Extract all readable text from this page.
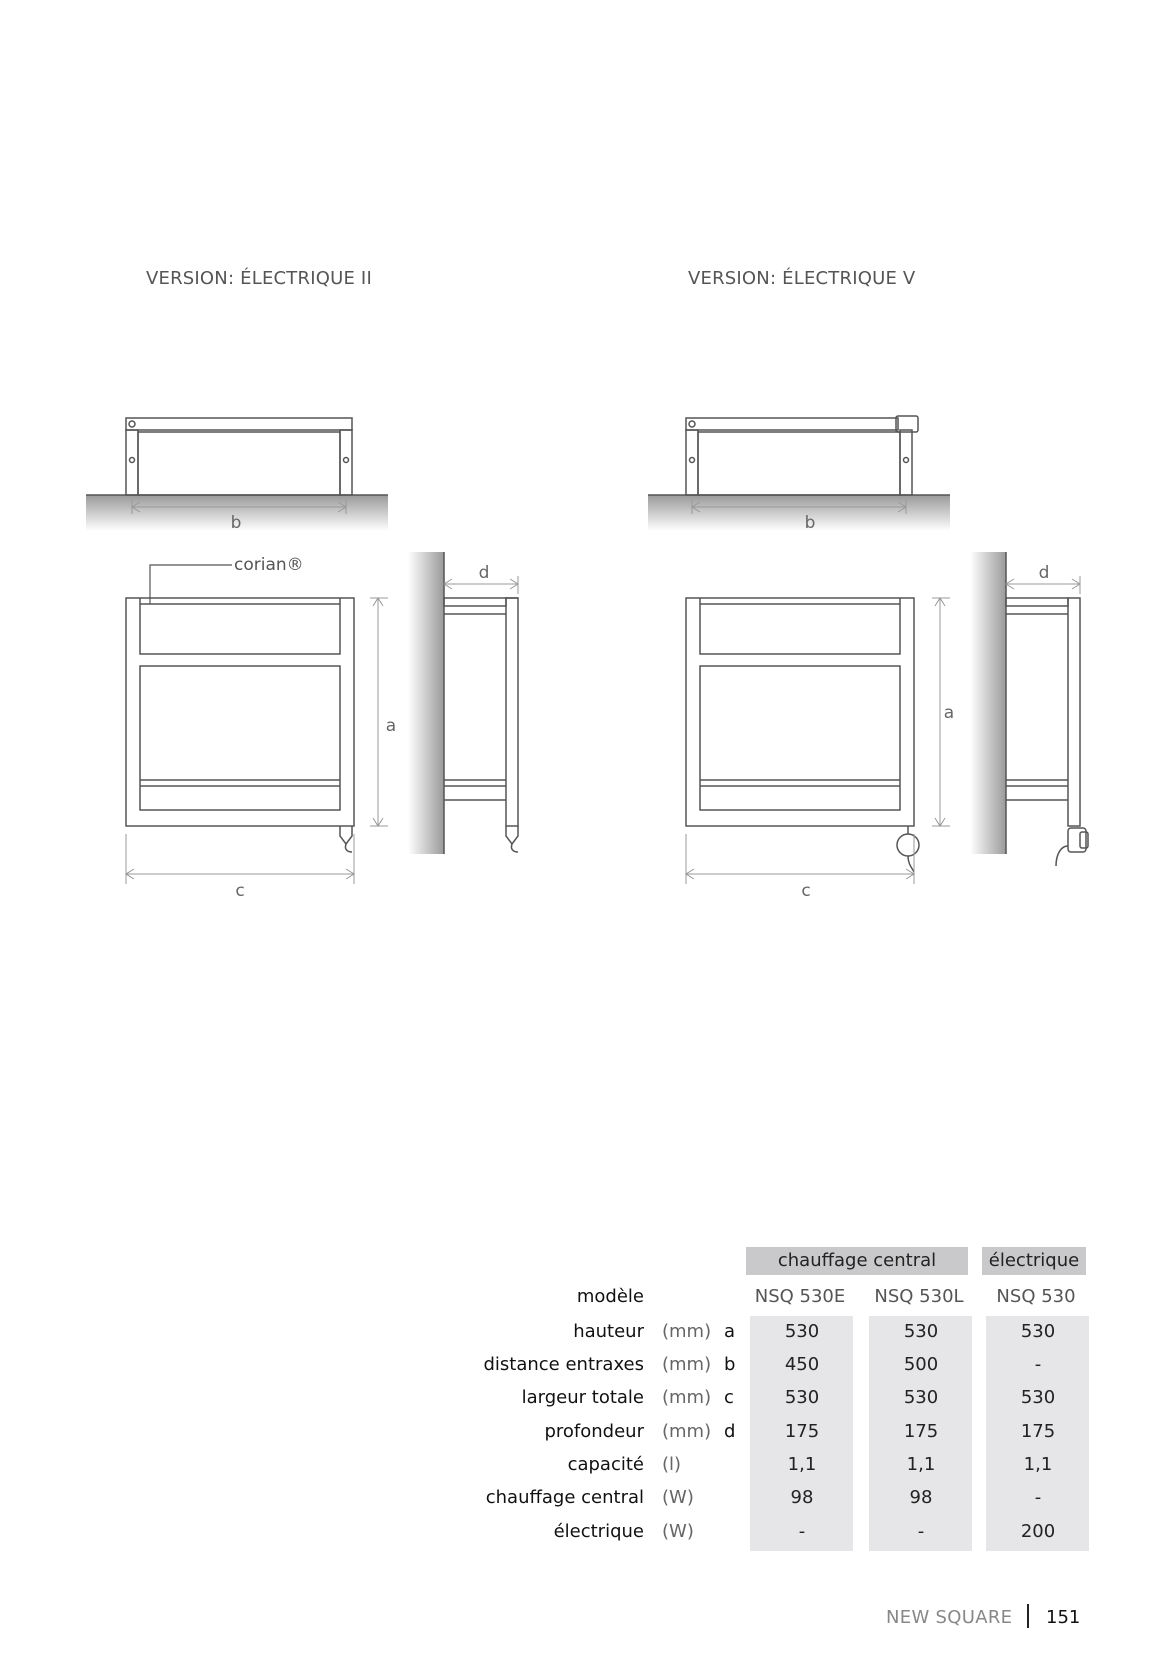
VERSION: ÉLECTRIQUE II	VERSION: ÉLECTRIQUE V
b
corian®
a
c
d
b
a
c
d
chauffage central	électrique
modèle	NSQ 530E	NSQ 530L	NSQ 530
hauteur (mm) a	530	530	530
distance entraxes (mm) b	450	500	-
largeur totale (mm) c	530	530	530
profondeur (mm) d	175	175	175
capacité (l)	1,1	1,1	1,1
chauffage central (W)	98	98	-
électrique (W)	-	-	200
NEW SQUARE 151
